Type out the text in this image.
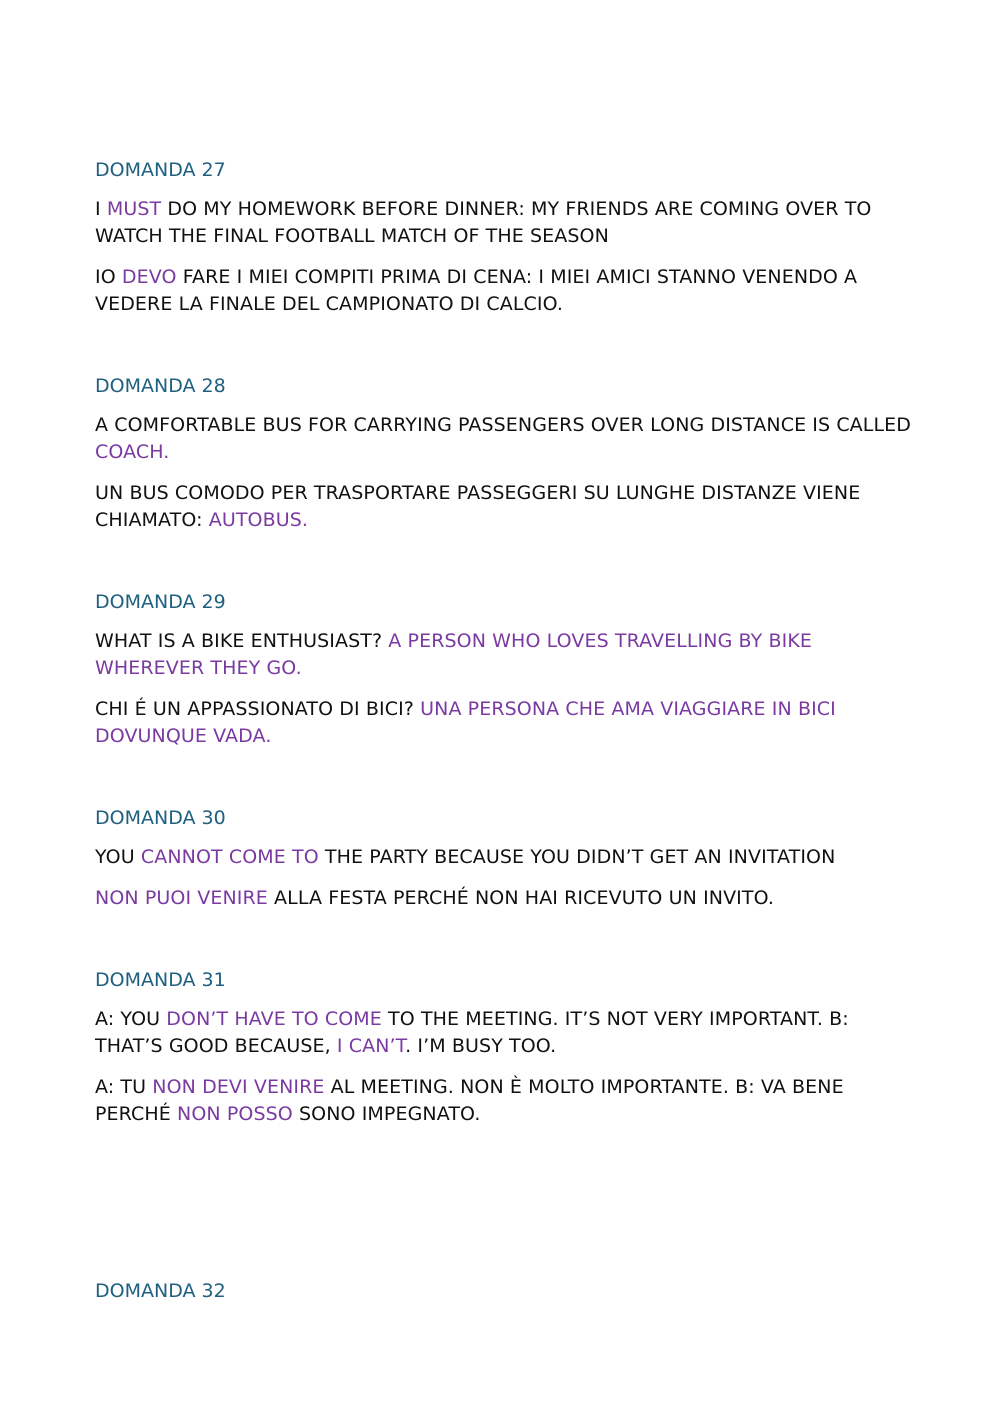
DOMANDA 27

I MUST DO MY HOMEWORK BEFORE DINNER: MY FRIENDS ARE COMING OVER TO WATCH THE FINAL FOOTBALL MATCH OF THE SEASON

IO DEVO FARE I MIEI COMPITI PRIMA DI CENA: I MIEI AMICI STANNO VENENDO A VEDERE LA FINALE DEL CAMPIONATO DI CALCIO.

DOMANDA 28

A COMFORTABLE BUS FOR CARRYING PASSENGERS OVER LONG DISTANCE IS CALLED COACH.

UN BUS COMODO PER TRASPORTARE PASSEGGERI SU LUNGHE DISTANZE VIENE CHIAMATO: AUTOBUS.

DOMANDA 29

WHAT IS A BIKE ENTHUSIAST? A PERSON WHO LOVES TRAVELLING BY BIKE WHEREVER THEY GO.

CHI É UN APPASSIONATO DI BICI? UNA PERSONA CHE AMA VIAGGIARE IN BICI DOVUNQUE VADA.

DOMANDA 30

YOU CANNOT COME TO THE PARTY BECAUSE YOU DIDN’T GET AN INVITATION

NON PUOI VENIRE ALLA FESTA PERCHÉ NON HAI RICEVUTO UN INVITO.

DOMANDA 31

A: YOU DON’T HAVE TO COME TO THE MEETING. IT’S NOT VERY IMPORTANT. B: THAT’S GOOD BECAUSE, I CAN’T. I’M BUSY TOO.

A: TU NON DEVI VENIRE AL MEETING. NON È MOLTO IMPORTANTE. B: VA BENE PERCHÉ NON POSSO SONO IMPEGNATO.

DOMANDA 32
